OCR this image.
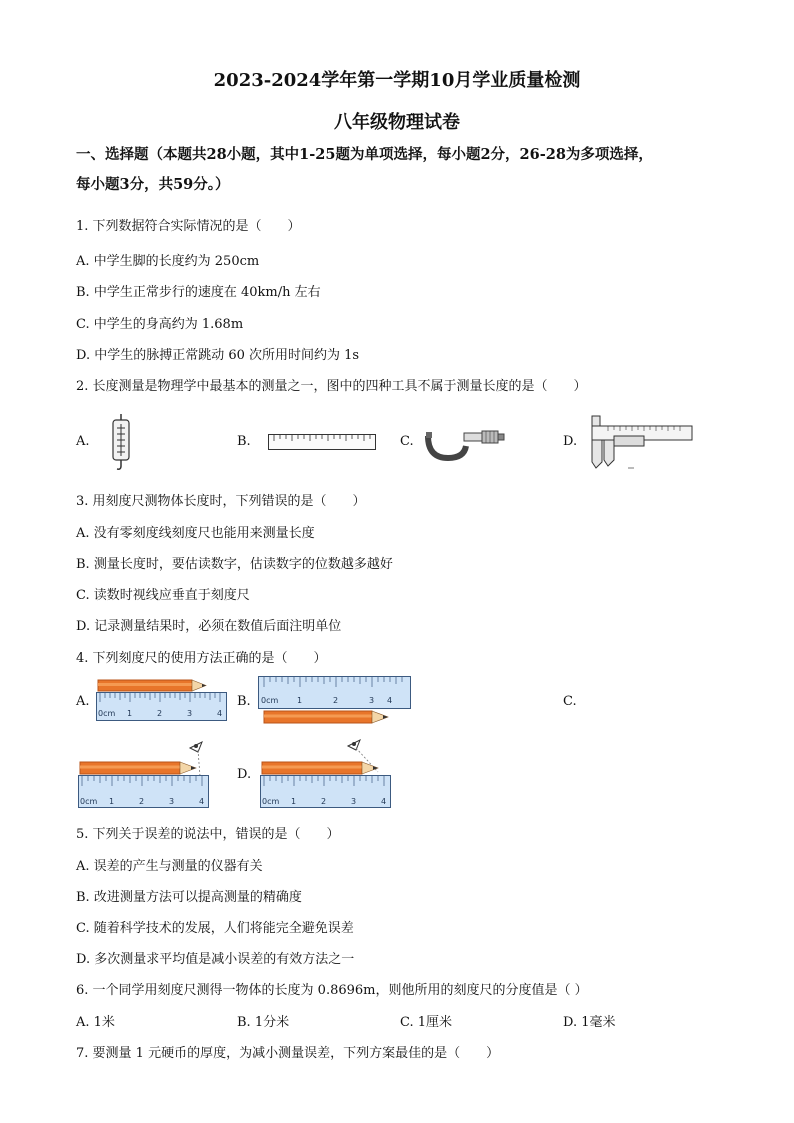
2023-2024学年第一学期10月学业质量检测
八年级物理试卷
一、选择题（本题共28小题，其中1-25题为单项选择，每小题2分，26-28为多项选择，
每小题3分，共59分。）
1. 下列数据符合实际情况的是（　　）
A. 中学生脚的长度约为 250cm
B. 中学生正常步行的速度在 40km/h 左右
C. 中学生的身高约为 1.68m
D. 中学生的脉搏正常跳动 60 次所用时间约为 1s
2. 长度测量是物理学中最基本的测量之一，图中的四种工具不属于测量长度的是（　　）
A.	B.	C.	D.
3. 用刻度尺测物体长度时，下列错误的是（　　）
A. 没有零刻度线刻度尺也能用来测量长度
B. 测量长度时，要估读数字，估读数字的位数越多越好
C. 读数时视线应垂直于刻度尺
D. 记录测量结果时，必须在数值后面注明单位
4. 下列刻度尺的使用方法正确的是（　　）
A.
0cm 1	2	3	4
B. 0cm 1	2	3 4	C.
0cm 1	2	3	4
D.
0cm 1	2	3	4
5. 下列关于误差的说法中，错误的是（　　）
A. 误差的产生与测量的仪器有关
B. 改进测量方法可以提高测量的精确度
C. 随着科学技术的发展，人们将能完全避免误差
D. 多次测量求平均值是减小误差的有效方法之一
6. 一个同学用刻度尺测得一物体的长度为 0.8696m，则他所用的刻度尺的分度值是（ ）
A. 1米	B. 1分米	C. 1厘米	D. 1毫米
7. 要测量 1 元硬币的厚度，为减小测量误差，下列方案最佳的是（　　）
